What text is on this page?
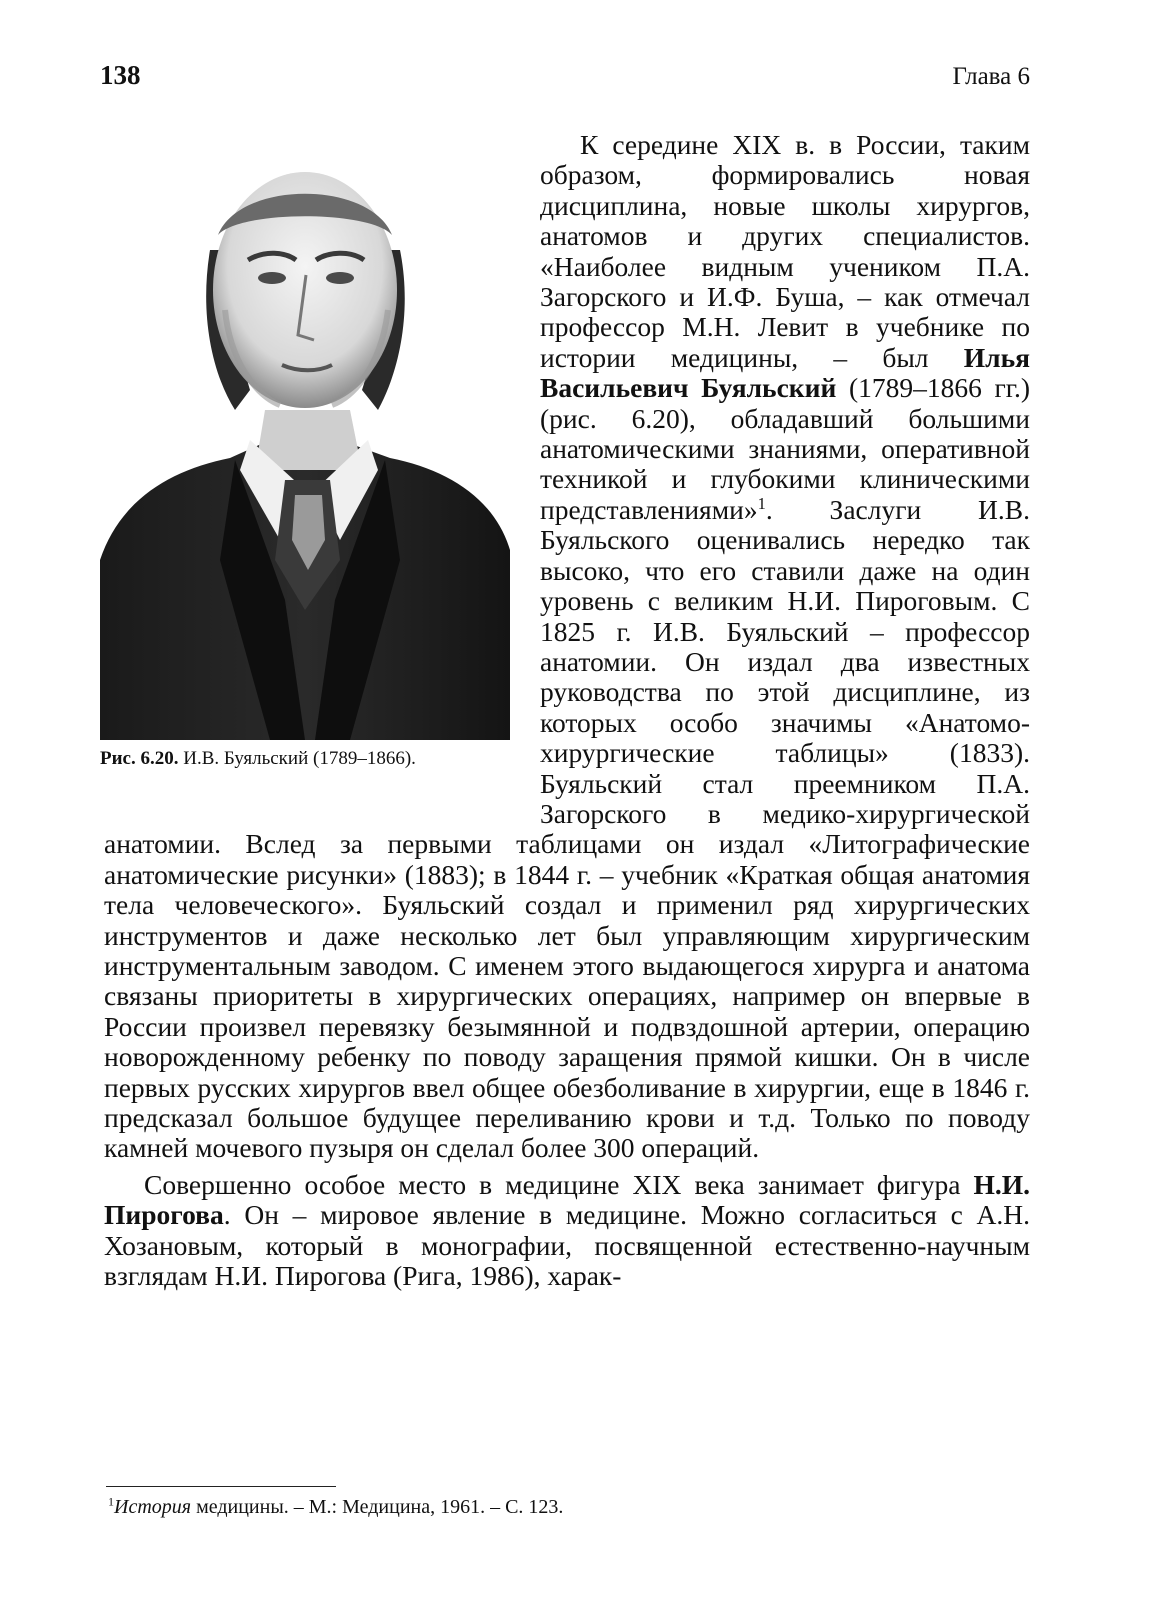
138	Глава 6
Рис. 6.20. И.В. Буяльский (1789–1866).

К середине XIX в. в России, таким образом, формировались новая дисциплина, новые школы хирургов, анатомов и других специалистов. «Наиболее видным учеником П.А. Загорского и И.Ф. Буша, – как отмечал профессор М.Н. Левит в учебнике по истории медицины, – был Илья Васильевич Буяльский (1789–1866 гг.) (рис. 6.20), обладавший большими анатомическими знаниями, оперативной техникой и глубокими клиническими представлениями»$^1$. Заслуги И.В. Буяльского оценивались нередко так высоко, что его ставили даже на один уровень с великим Н.И. Пироговым. С 1825 г. И.В. Буяльский – профессор анатомии. Он издал два известных руководства по этой дисциплине, из которых особо значимы «Анатомо-хирургические таблицы» (1833). Буяльский стал преемником П.А. Загорского в медико-хирургической анатомии. Вслед за первыми таблицами он издал «Литографические анатомические рисунки» (1883); в 1844 г. – учебник «Краткая общая анатомия тела человеческого». Буяльский создал и применил ряд хирургических инструментов и даже несколько лет был управляющим хирургическим инструментальным заводом. С именем этого выдающегося хирурга и анатома связаны приоритеты в хирургических операциях, например он впервые в России произвел перевязку безымянной и подвздошной артерии, операцию новорожденному ребенку по поводу заращения прямой кишки. Он в числе первых русских хирургов ввел общее обезболивание в хирургии, еще в 1846 г. предсказал большое будущее переливанию крови и т.д. Только по поводу камней мочевого пузыря он сделал более 300 операций.

Совершенно особое место в медицине XIX века занимает фигура Н.И. Пирогова. Он – мировое явление в медицине. Можно согласиться с А.Н. Хозановым, который в монографии, посвященной естественно-научным взглядам Н.И. Пирогова (Рига, 1986), харак-

$^1$История медицины. – М.: Медицина, 1961. – С. 123.
